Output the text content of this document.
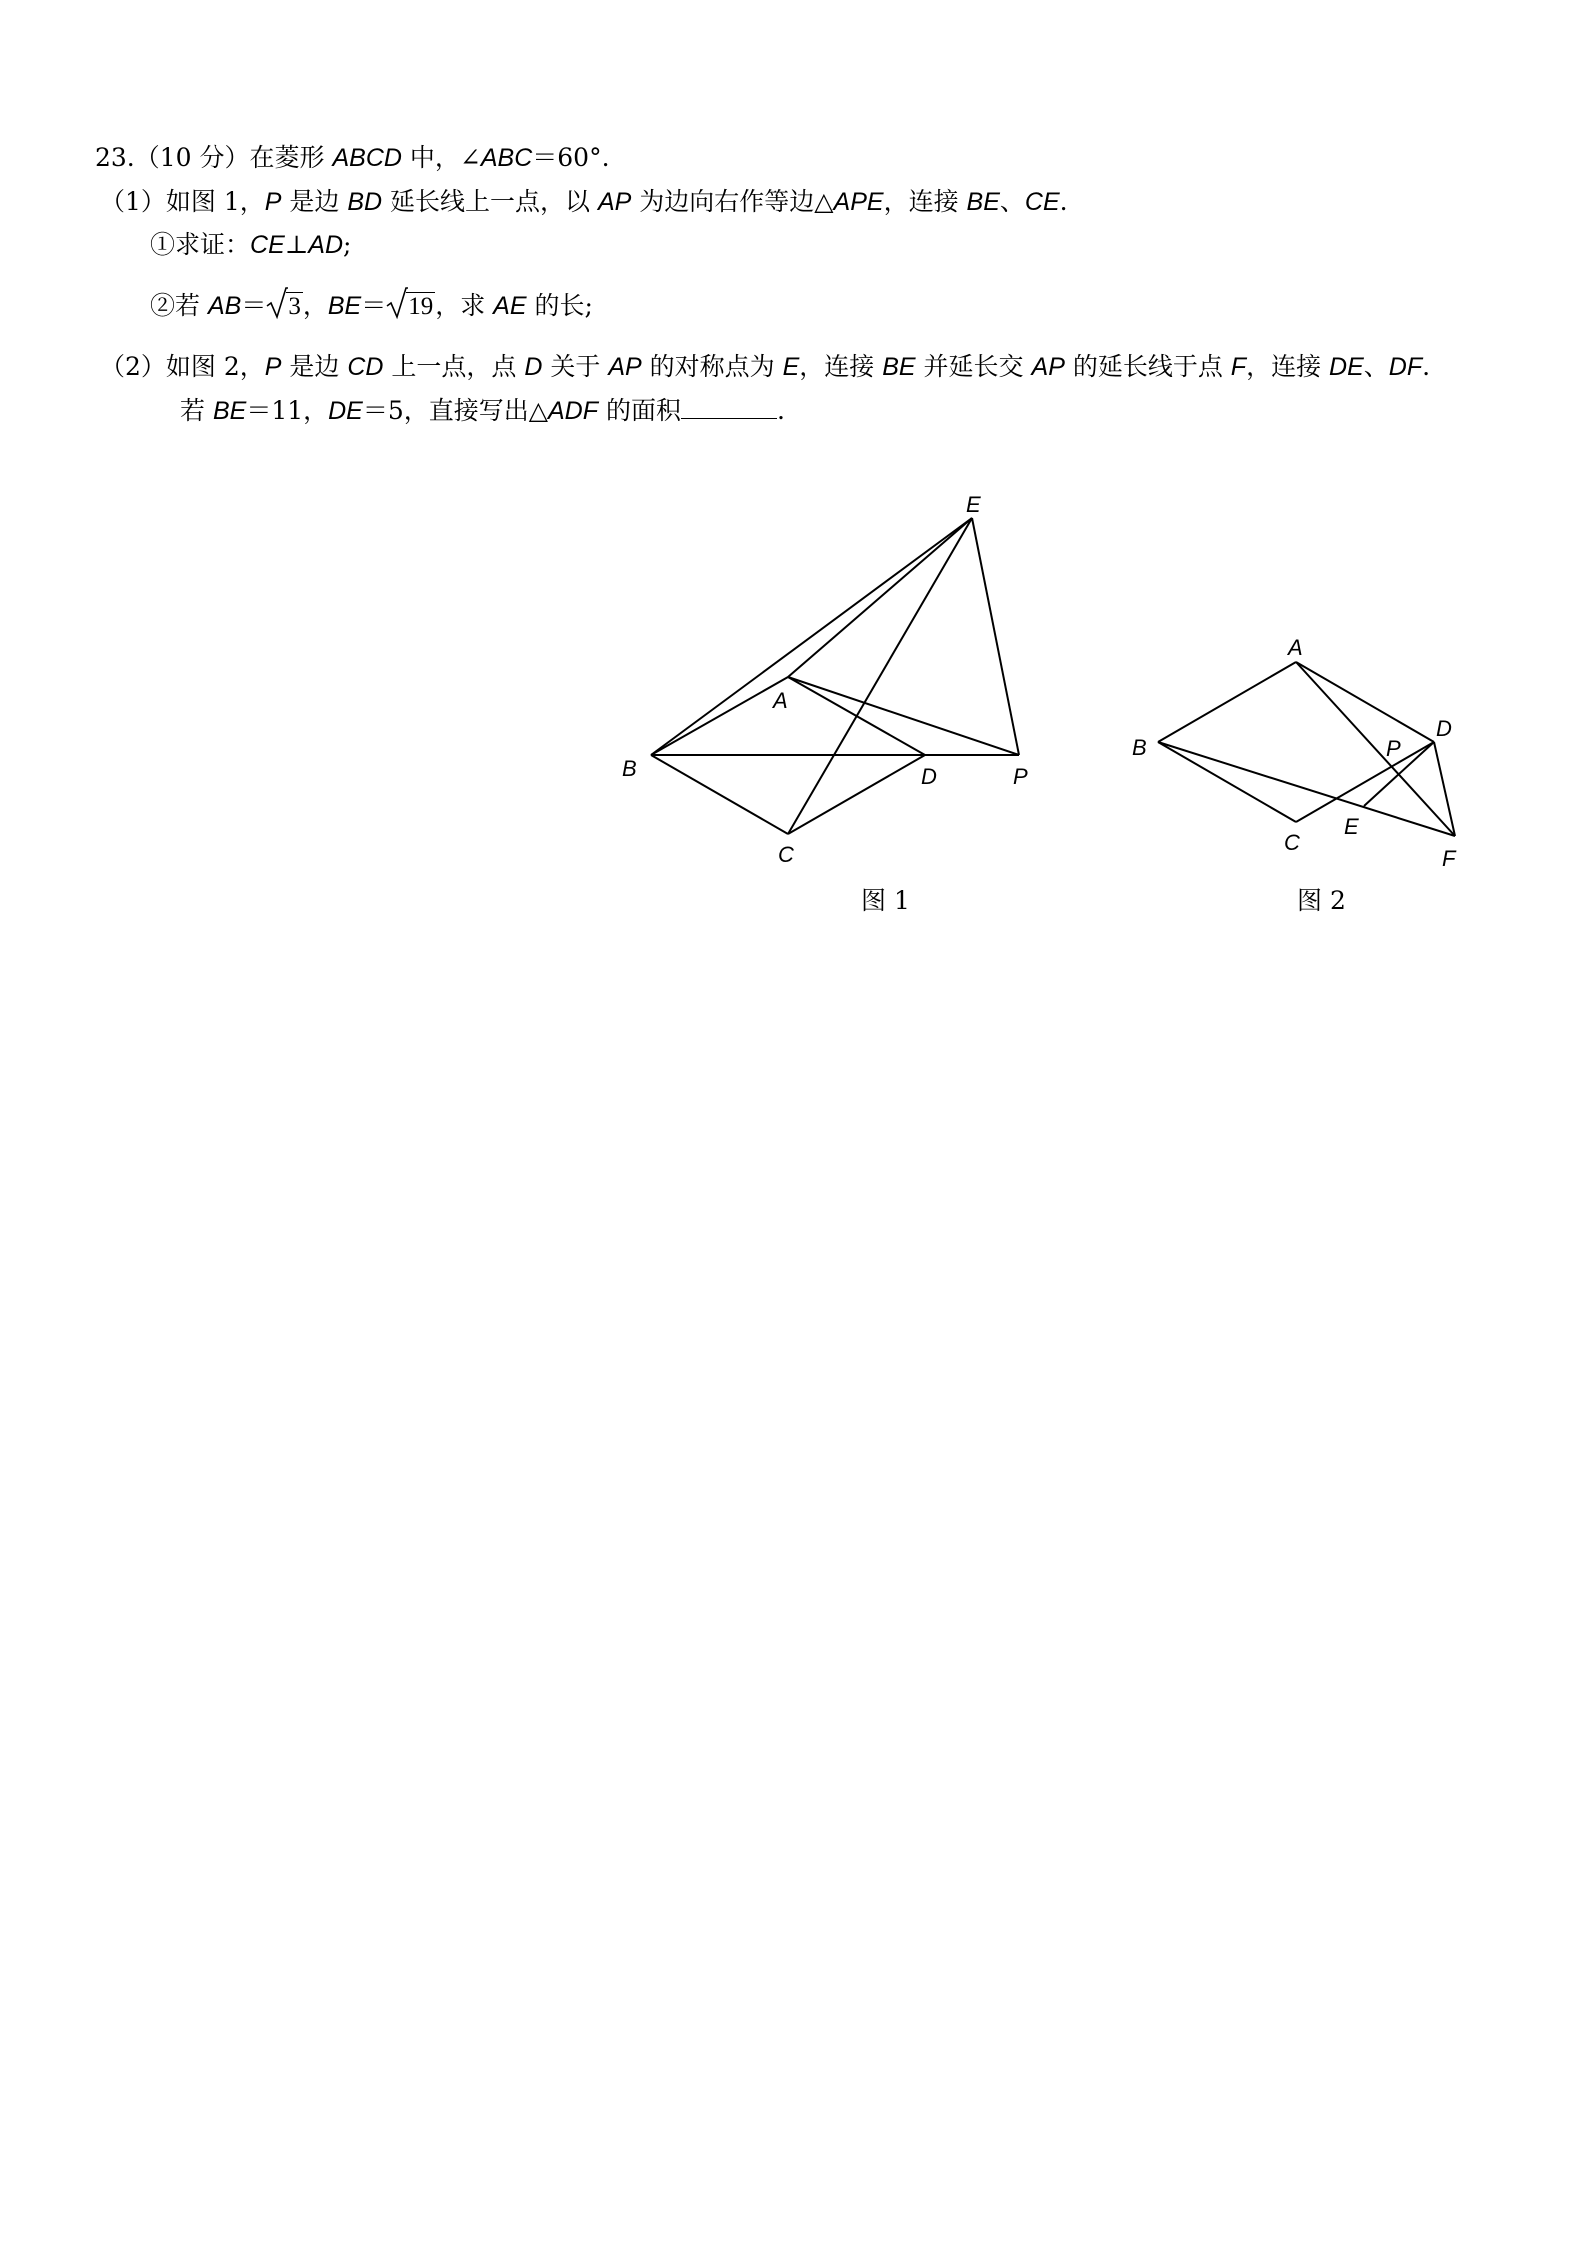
23.（10 分）在菱形 ABCD 中，∠ABC＝60°.
（1）如图 1，P 是边 BD 延长线上一点，以 AP 为边向右作等边△APE，连接 BE、CE.
①求证：CE⊥AD;
②若 AB＝ 3，BE＝ 19，求 AE 的长;
（2）如图 2，P 是边 CD 上一点，点 D 关于 AP 的对称点为 E，连接 BE 并延长交 AP 的延长线于点 F，连接 DE、DF.
若 BE＝11，DE＝5，直接写出△ADF 的面积	.
E
A
B	D	P
C
A
B	P
D
C
E
F
图 1	图 2
